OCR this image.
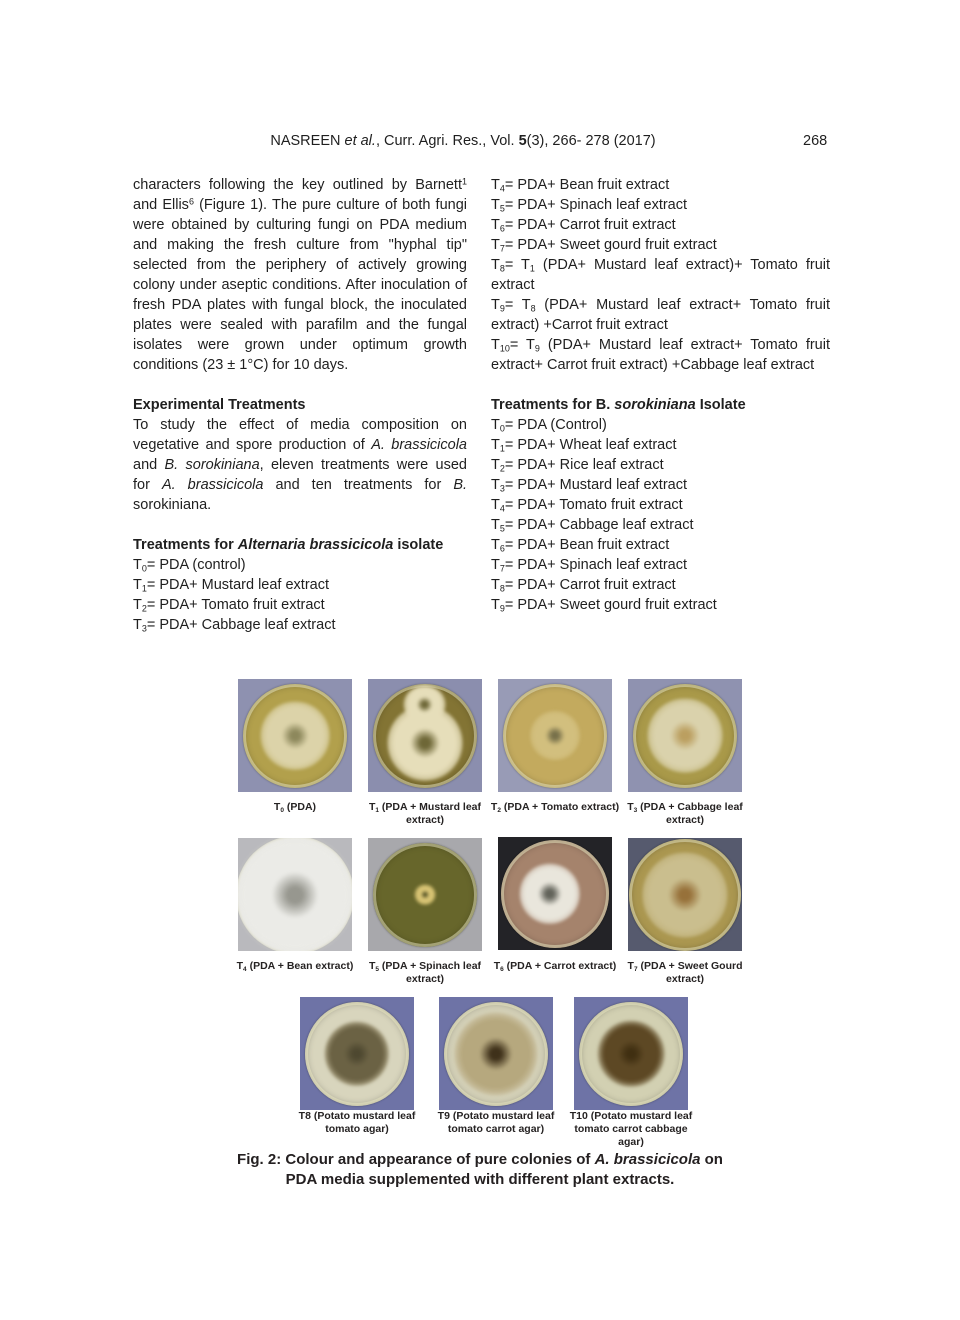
NASREEN et al., Curr. Agri. Res., Vol. 5(3), 266- 278 (2017)	268

characters following the key outlined by Barnett$^1$ and Ellis$^6$ (Figure 1). The pure culture of both fungi were obtained by culturing fungi on PDA medium and making the fresh culture from "hyphal tip" selected from the periphery of actively growing colony under aseptic conditions. After inoculation of fresh PDA plates with fungal block, the inoculated plates were sealed with parafilm and the fungal isolates were grown under optimum growth conditions (23 ± 1°C) for 10 days.

Experimental Treatments

To study the effect of media composition on vegetative and spore production of A. brassicicola and B. sorokiniana, eleven treatments were used for A. brassicicola and ten treatments for B. sorokiniana.

Treatments for Alternaria brassicicola isolate
$T_0=$ PDA (control)
$T_1= PDA+$ Mustard leaf extract
$T_2= PDA+$ Tomato fruit extract
$T_3= PDA+$ Cabbage leaf extract
$T_4= PDA+$ Bean fruit extract
$T_5= PDA+$ Spinach leaf extract
$T_6= PDA+$ Carrot fruit extract
$T_7= PDA+$ Sweet gourd fruit extract
$T_8= T_1$ (PDA+ Mustard leaf extract)+ Tomato fruit extract
$T_9= T_8$ (PDA+ Mustard leaf extract+ Tomato fruit extract) +Carrot fruit extract
$T_{10}= T_9$ (PDA+ Mustard leaf extract+ Tomato fruit extract+ Carrot fruit extract) +Cabbage leaf extract
Treatments for B. sorokiniana Isolate
$T_0=$ PDA (Control)
$T_1= PDA+$ Wheat leaf extract
$T_2= PDA+$ Rice leaf extract
$T_3= PDA+$ Mustard leaf extract
$T_4= PDA+$ Tomato fruit extract
$T_5= PDA+$ Cabbage leaf extract
$T_6= PDA+$ Bean fruit extract
$T_7= PDA+$ Spinach leaf extract
$T_8= PDA+$ Carrot fruit extract
$T_9= PDA+$ Sweet gourd fruit extract
$T_0$ (PDA)	$T_1$ (PDA + Mustard leaf extract)
$T_2$ (PDA + Tomato extract) $T_3$ (PDA + Cabbage leaf extract)
$T_4$ (PDA + Bean extract)	$T_5$ (PDA + Spinach leaf extract)
$T_6$ (PDA + Carrot extract)	$T_7$ (PDA + Sweet Gourd extract)
T8 (Potato mustard leaf tomato agar)
T9 (Potato mustard leaf tomato carrot agar)
T10 (Potato mustard leaf tomato carrot cabbage agar)
Fig. 2: Colour and appearance of pure colonies of A. brassicicola on
PDA media supplemented with different plant extracts.
